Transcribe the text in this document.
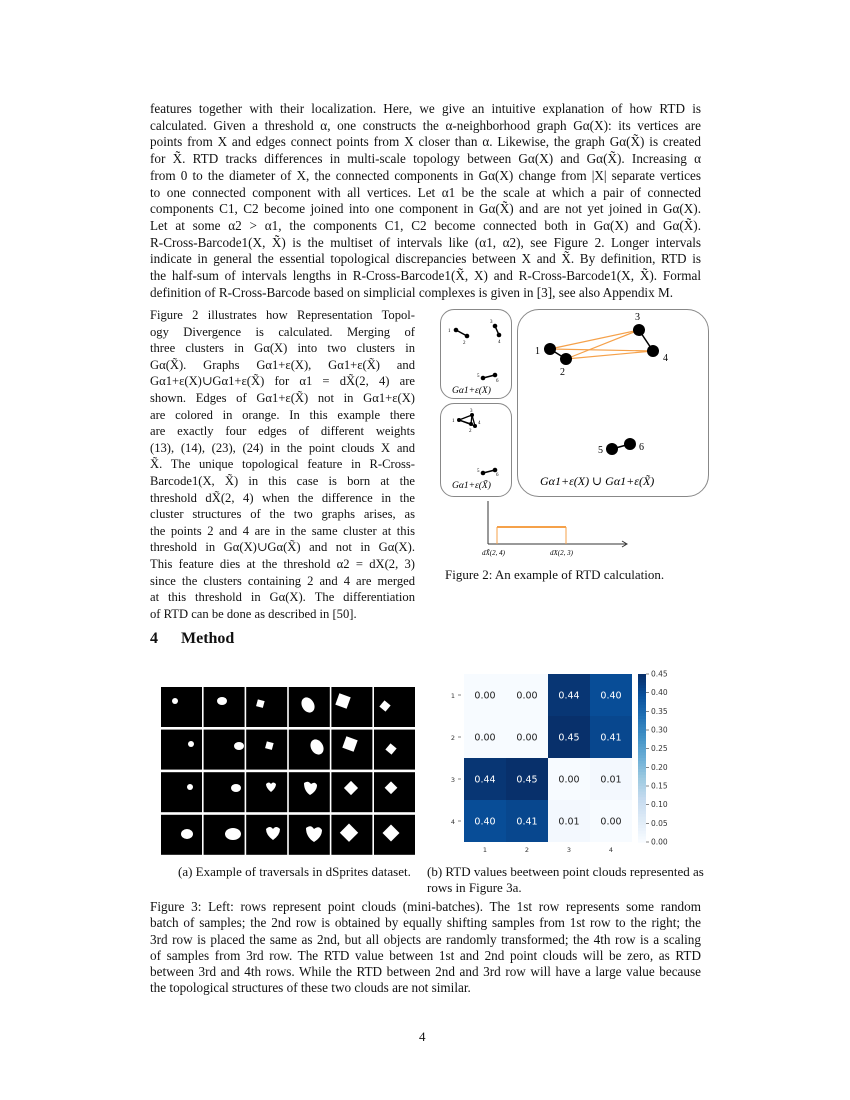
features together with their localization. Here, we give an intuitive explanation of how RTD is

calculated. Given a threshold α, one constructs the α-neighborhood graph Gα(X): its vertices are

points from X and edges connect points from X closer than α. Likewise, the graph Gα(X̃) is created

for X̃. RTD tracks differences in multi-scale topology between Gα(X) and Gα(X̃). Increasing α

from 0 to the diameter of X, the connected components in Gα(X) change from |X| separate vertices

to one connected component with all vertices. Let α1 be the scale at which a pair of connected

components C1, C2 become joined into one component in Gα(X̃) and are not yet joined in Gα(X).

Let at some α2 > α1, the components C1, C2 become connected both in Gα(X) and Gα(X̃).

R-Cross-Barcode1(X, X̃) is the multiset of intervals like (α1, α2), see Figure 2. Longer intervals

indicate in general the essential topological discrepancies between X and X̃. By definition, RTD is

the half-sum of intervals lengths in R-Cross-Barcode1(X̃, X) and R-Cross-Barcode1(X, X̃). Formal

definition of R-Cross-Barcode based on simplicial complexes is given in [3], see also Appendix M.

Figure 2 illustrates how Representation Topol-

ogy Divergence is calculated. Merging of

three clusters in Gα(X) into two clusters in

Gα(X̃). Graphs Gα1+ε(X), Gα1+ε(X̃) and

Gα1+ε(X)∪Gα1+ε(X̃) for α1 = dX̃(2, 4) are

shown. Edges of Gα1+ε(X̃) not in Gα1+ε(X)

are colored in orange. In this example there

are exactly four edges of different weights

(13), (14), (23), (24) in the point clouds X and

X̃. The unique topological feature in R-Cross-

Barcode1(X, X̃) in this case is born at the

threshold dX̃(2, 4) when the difference in the

cluster structures of the two graphs arises, as

the points 2 and 4 are in the same cluster at this

threshold in Gα(X)∪Gα(X̃) and not in Gα(X).

This feature dies at the threshold α2 = dX(2, 3)

since the clusters containing 2 and 4 are merged

at this threshold in Gα(X). The differentiation

of RTD can be done as described in [50].

1
2
3
4
5
6
Gα1+ε(X)
1
2
3
4
5
6
Gα1+ε(X̃)
1
2
3
4
5	6
Gα1+ε(X) ∪ Gα1+ε(X̃)
dX̃(2, 4)	dX(2, 3)
Figure 2: An example of RTD calculation.
4 Method
(a) Example of traversals in dSprites dataset.
0.00 0.00 0.44 0.40
1
0.00 0.00 0.45 0.41
2
0.44 0.45 0.00 0.01
3
0.40 0.41 0.01 0.00
4
1	2	3	4
0.45
0.40
0.35
0.30
0.25
0.20
0.15
0.10
0.05
0.00
(b) RTD values beetween point clouds represented as rows in Figure 3a.

Figure 3: Left: rows represent point clouds (mini-batches). The 1st row represents some random

batch of samples; the 2nd row is obtained by equally shifting samples from 1st row to the right; the

3rd row is placed the same as 2nd, but all objects are randomly transformed; the 4th row is a scaling

of samples from 3rd row. The RTD value between 1st and 2nd point clouds will be zero, as RTD

between 3rd and 4th rows. While the RTD between 2nd and 3rd row will have a large value because

the topological structures of these two clouds are not similar.

4
